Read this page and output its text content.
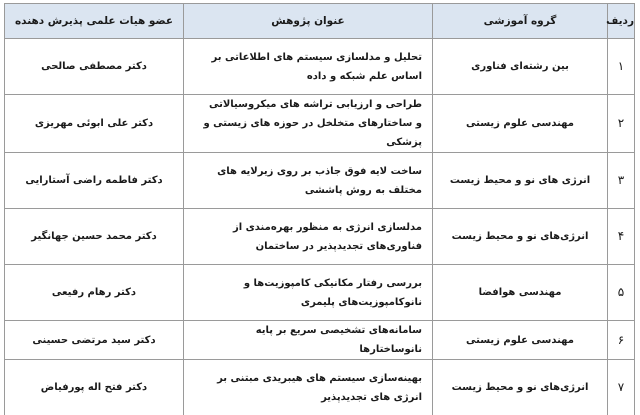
ردیف	گروه آموزشی	عنوان پژوهش	عضو هیات علمی پذیرش دهنده
۱	بین رشته‌ای فناوری	تحلیل و مدلسازی سیستم های اطلاعاتی بر اساس علم شبکه و داده	دکتر مصطفی صالحی
۲	مهندسی علوم زیستی	طراحی و ارزیابی تراشه های میکروسیالاتی و ساختارهای متخلخل در حوزه های زیستی و پزشکی	دکتر علی ابوئی مهریزی
۳	انرژی های نو و محیط زیست	ساخت لایه فوق جاذب بر روی زیرلایه های مختلف به روش پاششی	دکتر فاطمه راضی آستارایی
۴	انرژی‌های نو و محیط زیست	مدلسازی انرژی به منظور بهره‌مندی از فناوری‌های تجدیدپذیر در ساختمان	دکتر محمد حسین جهانگیر
۵	مهندسی هوافضا	بررسی رفتار مکانیکی کامپوزیت‌ها و نانوکامپوزیت‌های پلیمری	دکتر رهام رفیعی
۶	مهندسی علوم زیستی	سامانه‌های تشخیصی سریع بر پایه نانوساختارها	دکتر سید مرتضی حسینی
۷	انرژی‌های نو و محیط زیست	بهینه‌سازی سیستم های هیبریدی مبتنی بر انرژی های تجدیدپذیر	دکتر فتح اله پورفیاض
